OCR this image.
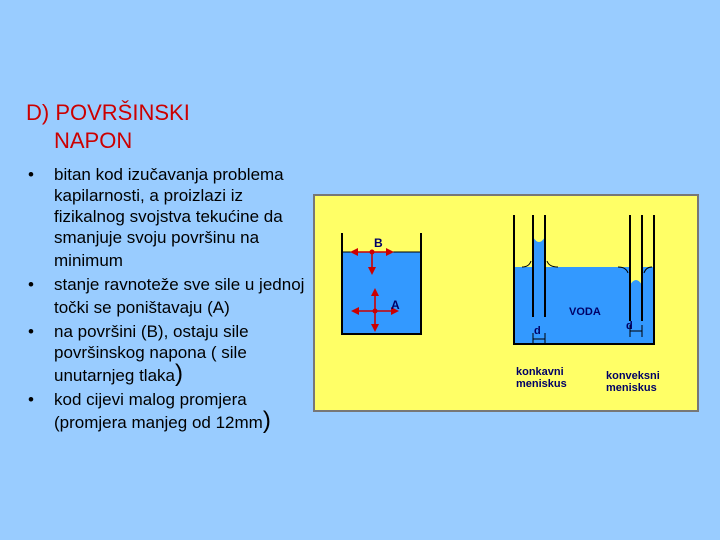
D) POVRŠINSKI
NAPON
• bitan kod izučavanja problema kapilarnosti, a proizlazi iz fizikalnog svojstva tekućine da smanjuje svoju površinu na minimum
• stanje ravnoteže sve sile u jednoj točki se poništavaju (A)
• na površini (B), ostaju sile površinskog napona ( sile unutarnjeg tlaka)
• kod cijevi malog promjera (promjera manjeg od 12mm)
B
A
d	d
VODA
konkavni
meniskus
konveksni
meniskus
